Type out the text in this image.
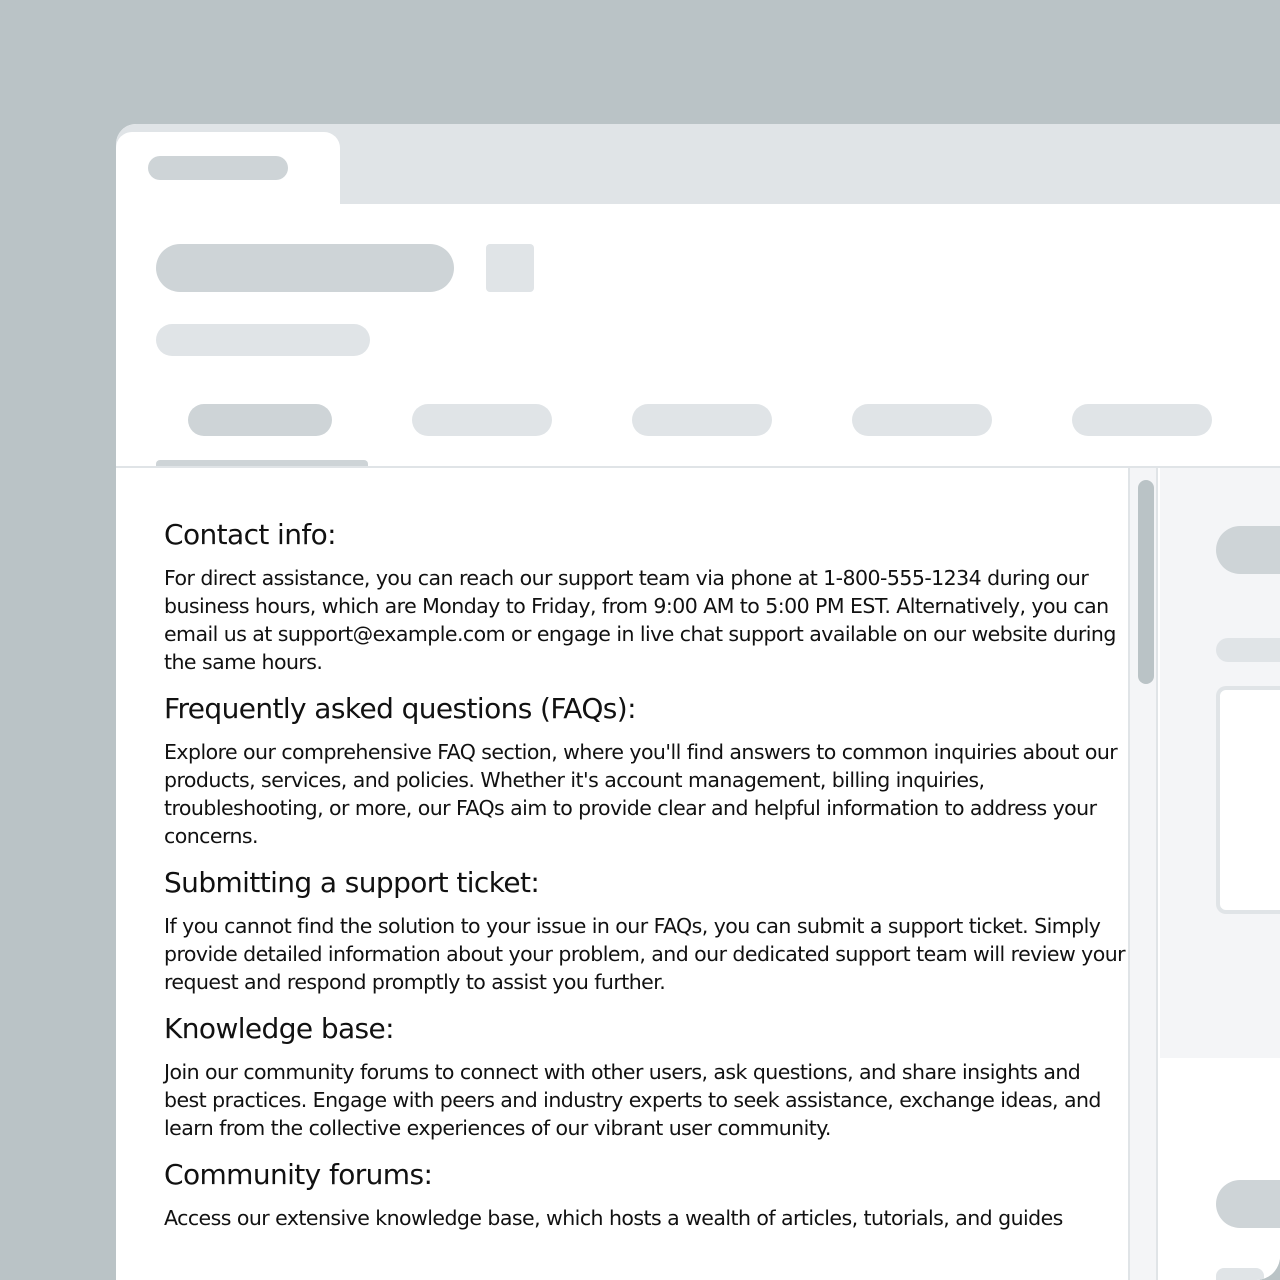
Contact info:

For direct assistance, you can reach our support team via phone at 1-800-555-1234 during our business hours, which are Monday to Friday, from 9:00 AM to 5:00 PM EST. Alternatively, you can email us at support@example.com or engage in live chat support available on our website during the same hours.

Frequently asked questions (FAQs):

Explore our comprehensive FAQ section, where you'll find answers to common inquiries about our products, services, and policies. Whether it's account management, billing inquiries, troubleshooting, or more, our FAQs aim to provide clear and helpful information to address your concerns.

Submitting a support ticket:

If you cannot find the solution to your issue in our FAQs, you can submit a support ticket. Simply provide detailed information about your problem, and our dedicated support team will review your request and respond promptly to assist you further.

Knowledge base:

Join our community forums to connect with other users, ask questions, and share insights and best practices. Engage with peers and industry experts to seek assistance, exchange ideas, and learn from the collective experiences of our vibrant user community.

Community forums:

Access our extensive knowledge base, which hosts a wealth of articles, tutorials, and guides
